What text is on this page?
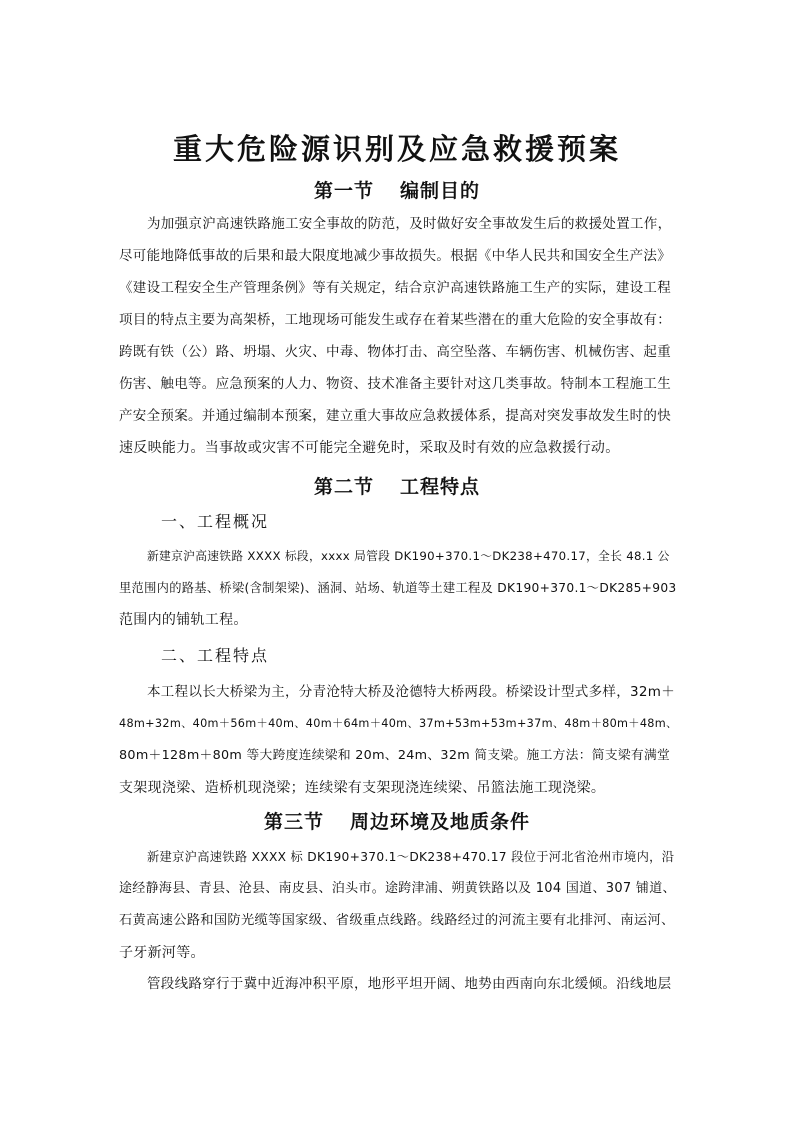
重大危险源识别及应急救援预案
第一节 编制目的

为加强京沪高速铁路施工安全事故的防范，及时做好安全事故发生后的救援处置工作，
尽可能地降低事故的后果和最大限度地减少事故损失。根据《中华人民共和国安全生产法》
《建设工程安全生产管理条例》等有关规定，结合京沪高速铁路施工生产的实际，建设工程
项目的特点主要为高架桥，工地现场可能发生或存在着某些潜在的重大危险的安全事故有：
跨既有铁（公）路、坍塌、火灾、中毒、物体打击、高空坠落、车辆伤害、机械伤害、起重
伤害、触电等。应急预案的人力、物资、技术准备主要针对这几类事故。特制本工程施工生
产安全预案。并通过编制本预案，建立重大事故应急救援体系，提高对突发事故发生时的快
速反映能力。当事故或灾害不可能完全避免时，采取及时有效的应急救援行动。

第二节 工程特点
一、工程概况

新建京沪高速铁路 XXXX 标段，xxxx 局管段 DK190+370.1～DK238+470.17，全长 48.1 公
里范围内的路基、桥梁(含制架梁)、涵洞、站场、轨道等土建工程及 DK190+370.1～DK285+903
范围内的铺轨工程。

二、工程特点

本工程以长大桥梁为主，分青沧特大桥及沧德特大桥两段。桥梁设计型式多样，32m＋
48m+32m、40m＋56m＋40m、40m＋64m＋40m、37m+53m+53m+37m、48m＋80m＋48m、
80m＋128m＋80m 等大跨度连续梁和 20m、24m、32m 简支梁。施工方法：简支梁有满堂
支架现浇梁、造桥机现浇梁；连续梁有支架现浇连续梁、吊篮法施工现浇梁。

第三节 周边环境及地质条件

新建京沪高速铁路 XXXX 标 DK190+370.1～DK238+470.17 段位于河北省沧州市境内，沿
途经静海县、青县、沧县、南皮县、泊头市。途跨津浦、朔黄铁路以及 104 国道、307 铺道、
石黄高速公路和国防光缆等国家级、省级重点线路。线路经过的河流主要有北排河、南运河、
子牙新河等。

管段线路穿行于冀中近海冲积平原，地形平坦开阔、地势由西南向东北缓倾。沿线地层
